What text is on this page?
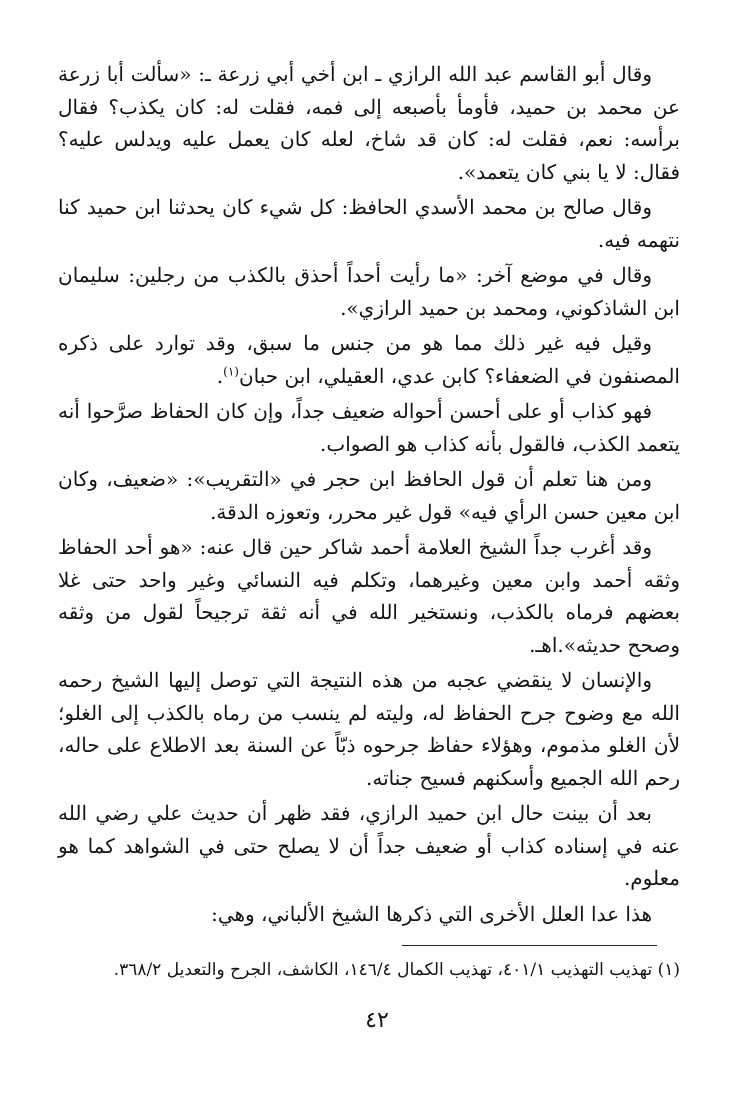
وقال أبو القاسم عبد الله الرازي ـ ابن أخي أبي زرعة ـ: «سألت أبا زرعة عن محمد بن حميد، فأومأ بأصبعه إلى فمه، فقلت له: كان يكذب؟ فقال برأسه: نعم، فقلت له: كان قد شاخ، لعله كان يعمل عليه ويدلس عليه؟ فقال: لا يا بني كان يتعمد».

وقال صالح بن محمد الأسدي الحافظ: كل شيء كان يحدثنا ابن حميد كنا نتهمه فيه.

وقال في موضع آخر: «ما رأيت أحداً أحذق بالكذب من رجلين: سليمان ابن الشاذكوني، ومحمد بن حميد الرازي».

وقيل فيه غير ذلك مما هو من جنس ما سبق، وقد توارد على ذكره المصنفون في الضعفاء؟ كابن عدي، العقيلي، ابن حبان$^{(١)}$.

فهو كذاب أو على أحسن أحواله ضعيف جداً، وإن كان الحفاظ صرَّحوا أنه يتعمد الكذب، فالقول بأنه كذاب هو الصواب.

ومن هنا تعلم أن قول الحافظ ابن حجر في «التقريب»: «ضعيف، وكان ابن معين حسن الرأي فيه» قول غير محرر، وتعوزه الدقة.

وقد أغرب جداً الشيخ العلامة أحمد شاكر حين قال عنه: «هو أحد الحفاظ وثقه أحمد وابن معين وغيرهما، وتكلم فيه النسائي وغير واحد حتى غلا بعضهم فرماه بالكذب، ونستخير الله في أنه ثقة ترجيحاً لقول من وثقه وصحح حديثه».اهـ.

والإنسان لا ينقضي عجبه من هذه النتيجة التي توصل إليها الشيخ رحمه الله مع وضوح جرح الحفاظ له، وليته لم ينسب من رماه بالكذب إلى الغلو؛ لأن الغلو مذموم، وهؤلاء حفاظ جرحوه ذبّاً عن السنة بعد الاطلاع على حاله، رحم الله الجميع وأسكنهم فسيح جناته.

بعد أن بينت حال ابن حميد الرازي، فقد ظهر أن حديث علي رضي الله عنه في إسناده كذاب أو ضعيف جداً أن لا يصلح حتى في الشواهد كما هو معلوم.

هذا عدا العلل الأخرى التي ذكرها الشيخ الألباني، وهي:

(١) تهذيب التهذيب ٤٠١/١، تهذيب الكمال ١٤٦/٤، الكاشف، الجرح والتعديل ٣٦٨/٢.
٤٢
